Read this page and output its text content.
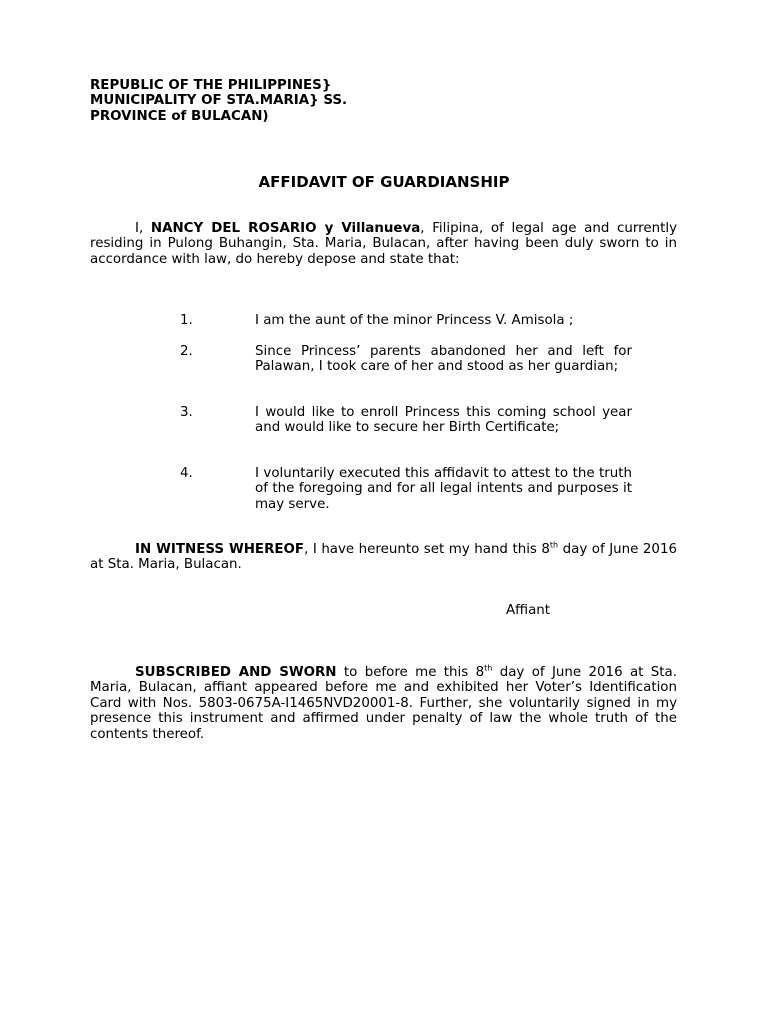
REPUBLIC OF THE PHILIPPINES}
MUNICIPALITY OF STA.MARIA} SS.
PROVINCE of BULACAN)
AFFIDAVIT OF GUARDIANSHIP
I, NANCY DEL ROSARIO y Villanueva, Filipina, of legal age and currently residing in Pulong Buhangin, Sta. Maria, Bulacan, after having been duly sworn to in accordance with law, do hereby depose and state that:
1.	I am the aunt of the minor Princess V. Amisola ;
2.	Since Princess’ parents abandoned her and left for Palawan, I took care of her and stood as her guardian;
3.	I would like to enroll Princess this coming school year and would like to secure her Birth Certificate;
4.	I voluntarily executed this affidavit to attest to the truth of the foregoing and for all legal intents and purposes it may serve.
IN WITNESS WHEREOF, I have hereunto set my hand this 8th day of June 2016 at Sta. Maria, Bulacan.
Affiant
SUBSCRIBED AND SWORN to before me this 8th day of June 2016 at Sta. Maria, Bulacan, affiant appeared before me and exhibited her Voter’s Identification Card with Nos. 5803-0675A-I1465NVD20001-8. Further, she voluntarily signed in my presence this instrument and affirmed under penalty of law the whole truth of the contents thereof.
